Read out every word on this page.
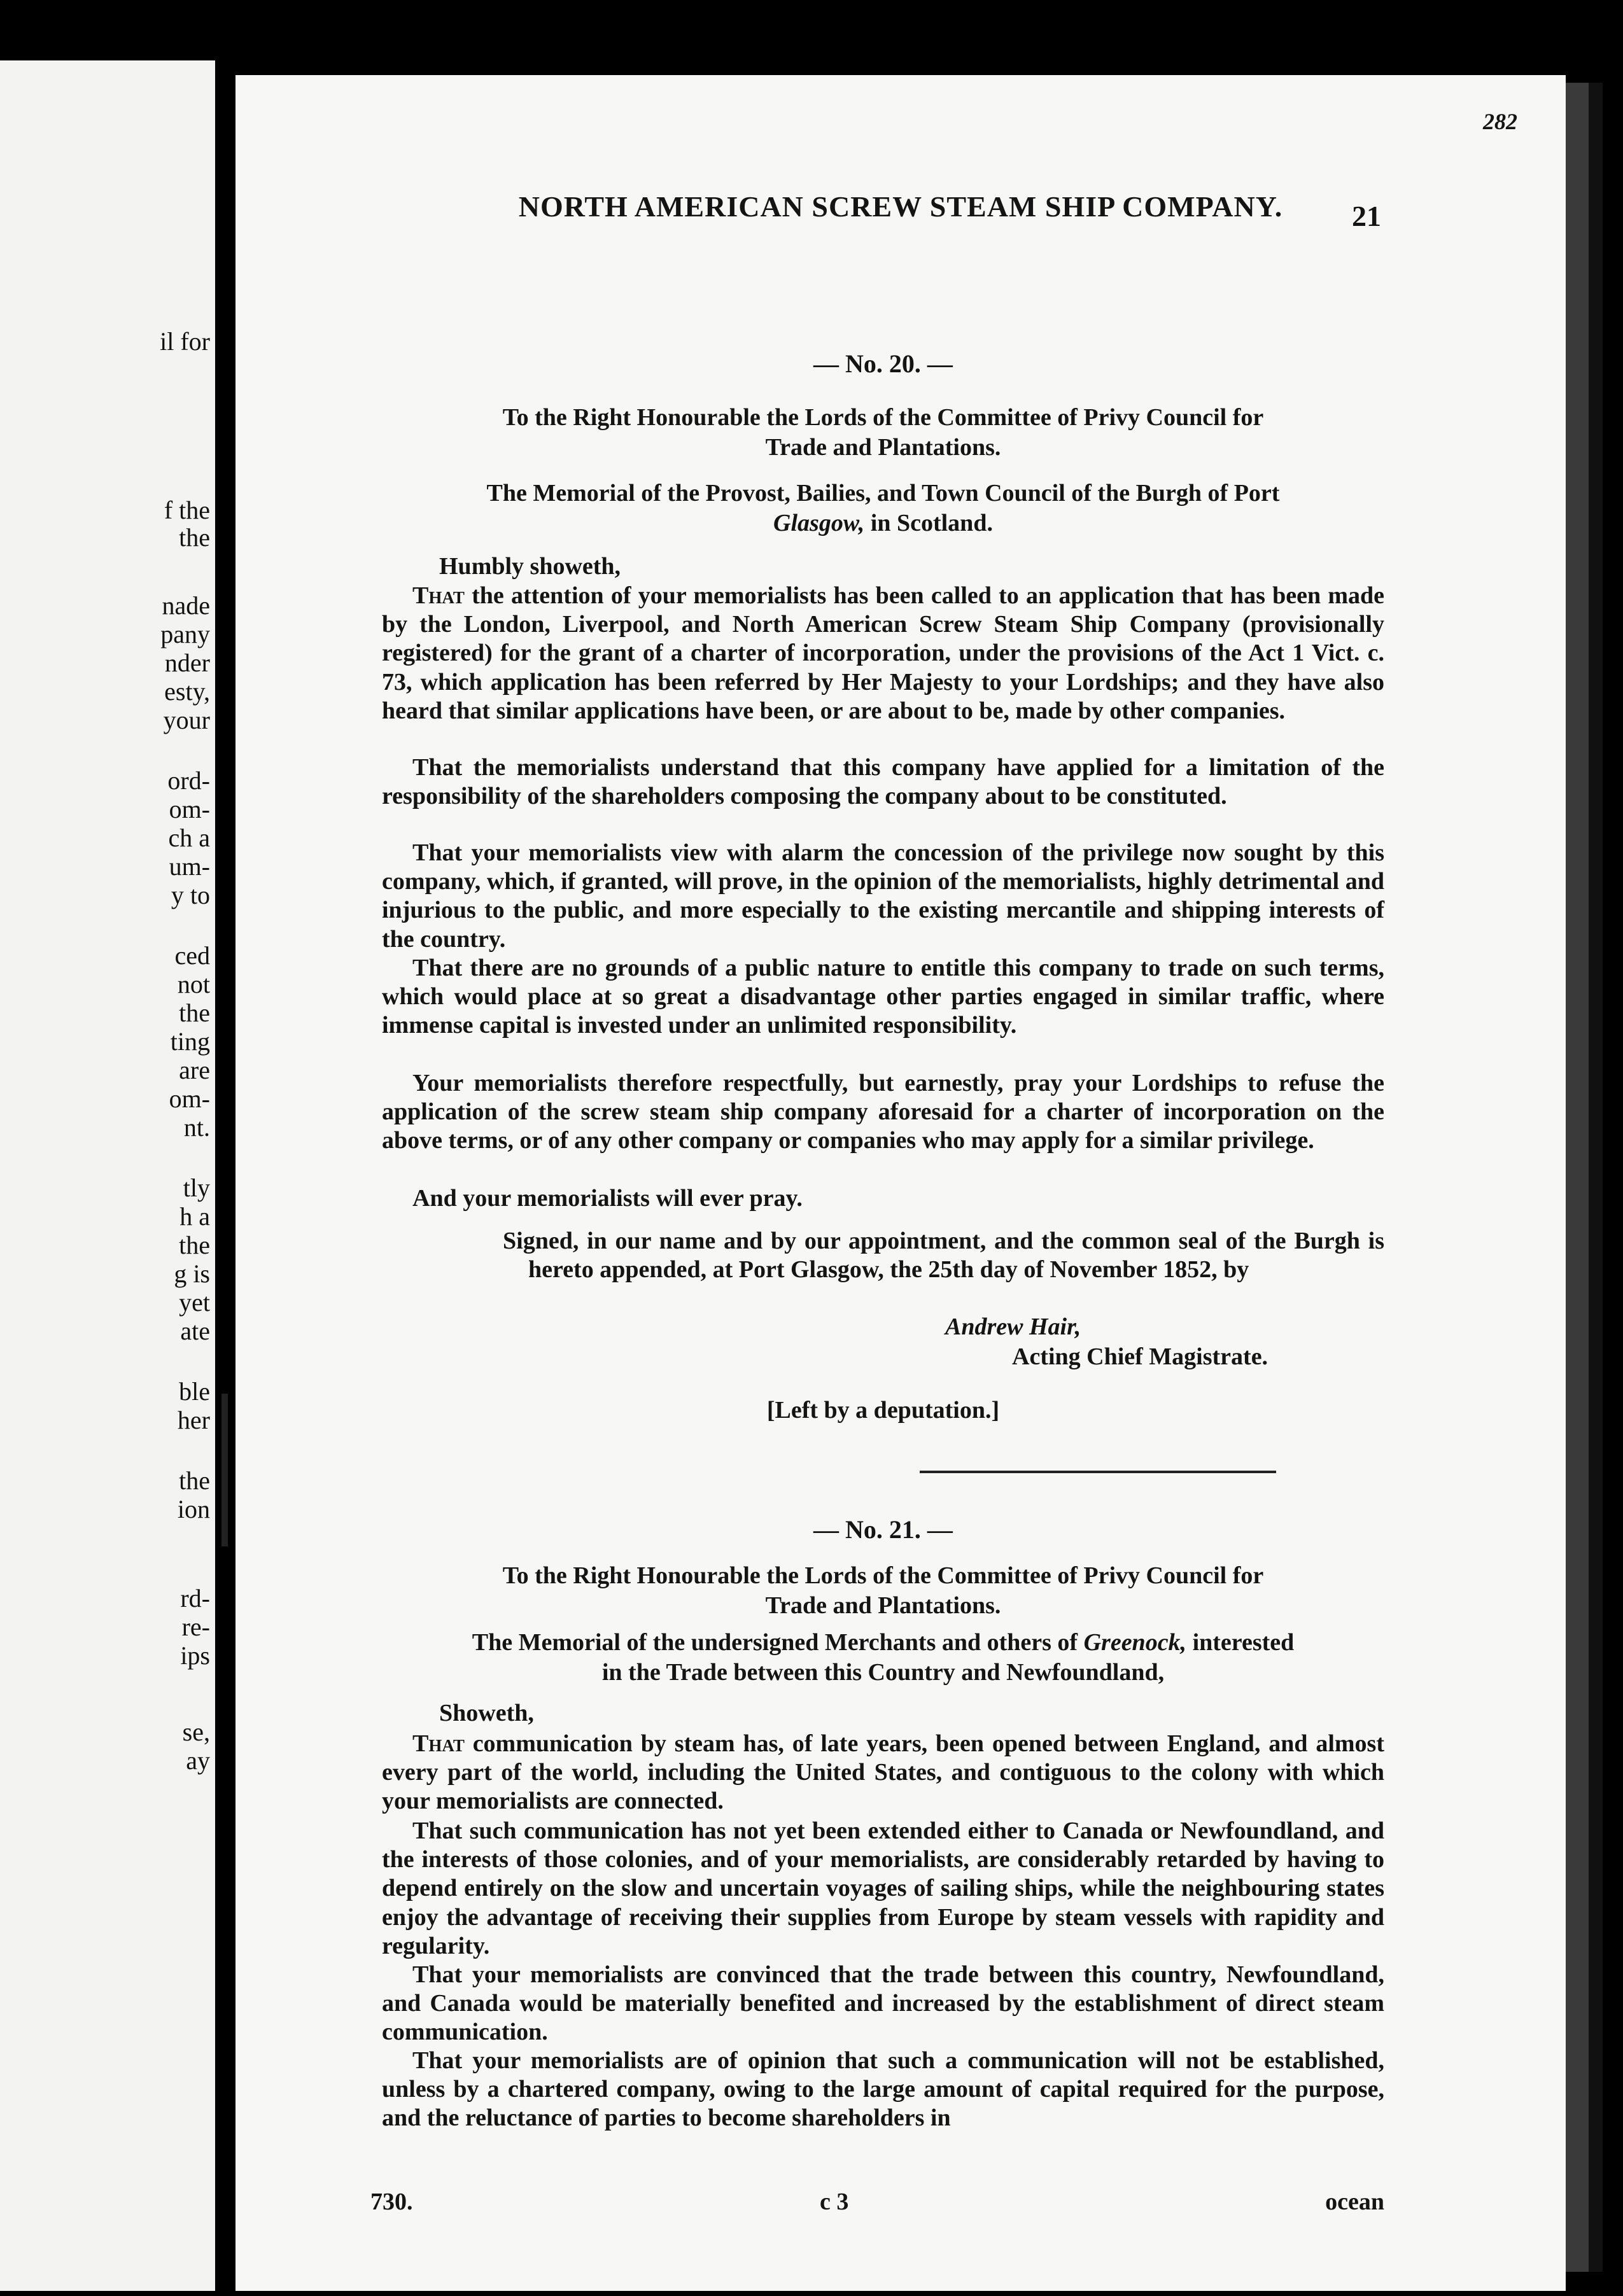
il for
f the
the
nade
pany
nder
esty,
your
ord-
om-
ch a
um-
y to
ced
not
the
ting
are
om-
nt.
tly
h a
the
g is
yet
ate
ble
her
the
ion
rd-
re-
ips
se,
ay
282
NORTH AMERICAN SCREW STEAM SHIP COMPANY.	21
— No. 20. —
To the Right Honourable the Lords of the Committee of Privy Council for
Trade and Plantations.
The Memorial of the Provost, Bailies, and Town Council of the Burgh of Port
Glasgow, in Scotland.
Humbly showeth,
That the attention of your memorialists has been called to an application that has been made by the London, Liverpool, and North American Screw Steam Ship Company (provisionally registered) for the grant of a charter of incorporation, under the provisions of the Act 1 Vict. c. 73, which application has been referred by Her Majesty to your Lordships; and they have also heard that similar applications have been, or are about to be, made by other companies.
That the memorialists understand that this company have applied for a limitation of the responsibility of the shareholders composing the company about to be constituted.
That your memorialists view with alarm the concession of the privilege now sought by this company, which, if granted, will prove, in the opinion of the memorialists, highly detrimental and injurious to the public, and more especially to the existing mercantile and shipping interests of the country.
That there are no grounds of a public nature to entitle this company to trade on such terms, which would place at so great a disadvantage other parties engaged in similar traffic, where immense capital is invested under an unlimited responsibility.
Your memorialists therefore respectfully, but earnestly, pray your Lordships to refuse the application of the screw steam ship company aforesaid for a charter of incorporation on the above terms, or of any other company or companies who may apply for a similar privilege.
And your memorialists will ever pray.
Signed, in our name and by our appointment, and the common seal of the Burgh is hereto appended, at Port Glasgow, the 25th day of November 1852, by
Andrew Hair,
Acting Chief Magistrate.
[Left by a deputation.]
— No. 21. —
To the Right Honourable the Lords of the Committee of Privy Council for
Trade and Plantations.
The Memorial of the undersigned Merchants and others of Greenock, interested
in the Trade between this Country and Newfoundland,
Showeth,
That communication by steam has, of late years, been opened between England, and almost every part of the world, including the United States, and contiguous to the colony with which your memorialists are connected.
That such communication has not yet been extended either to Canada or Newfoundland, and the interests of those colonies, and of your memorialists, are considerably retarded by having to depend entirely on the slow and uncertain voyages of sailing ships, while the neighbouring states enjoy the advantage of receiving their supplies from Europe by steam vessels with rapidity and regularity.
That your memorialists are convinced that the trade between this country, Newfoundland, and Canada would be materially benefited and increased by the establishment of direct steam communication.
That your memorialists are of opinion that such a communication will not be established, unless by a chartered company, owing to the large amount of capital required for the purpose, and the reluctance of parties to become shareholders in
730.	c 3	ocean
